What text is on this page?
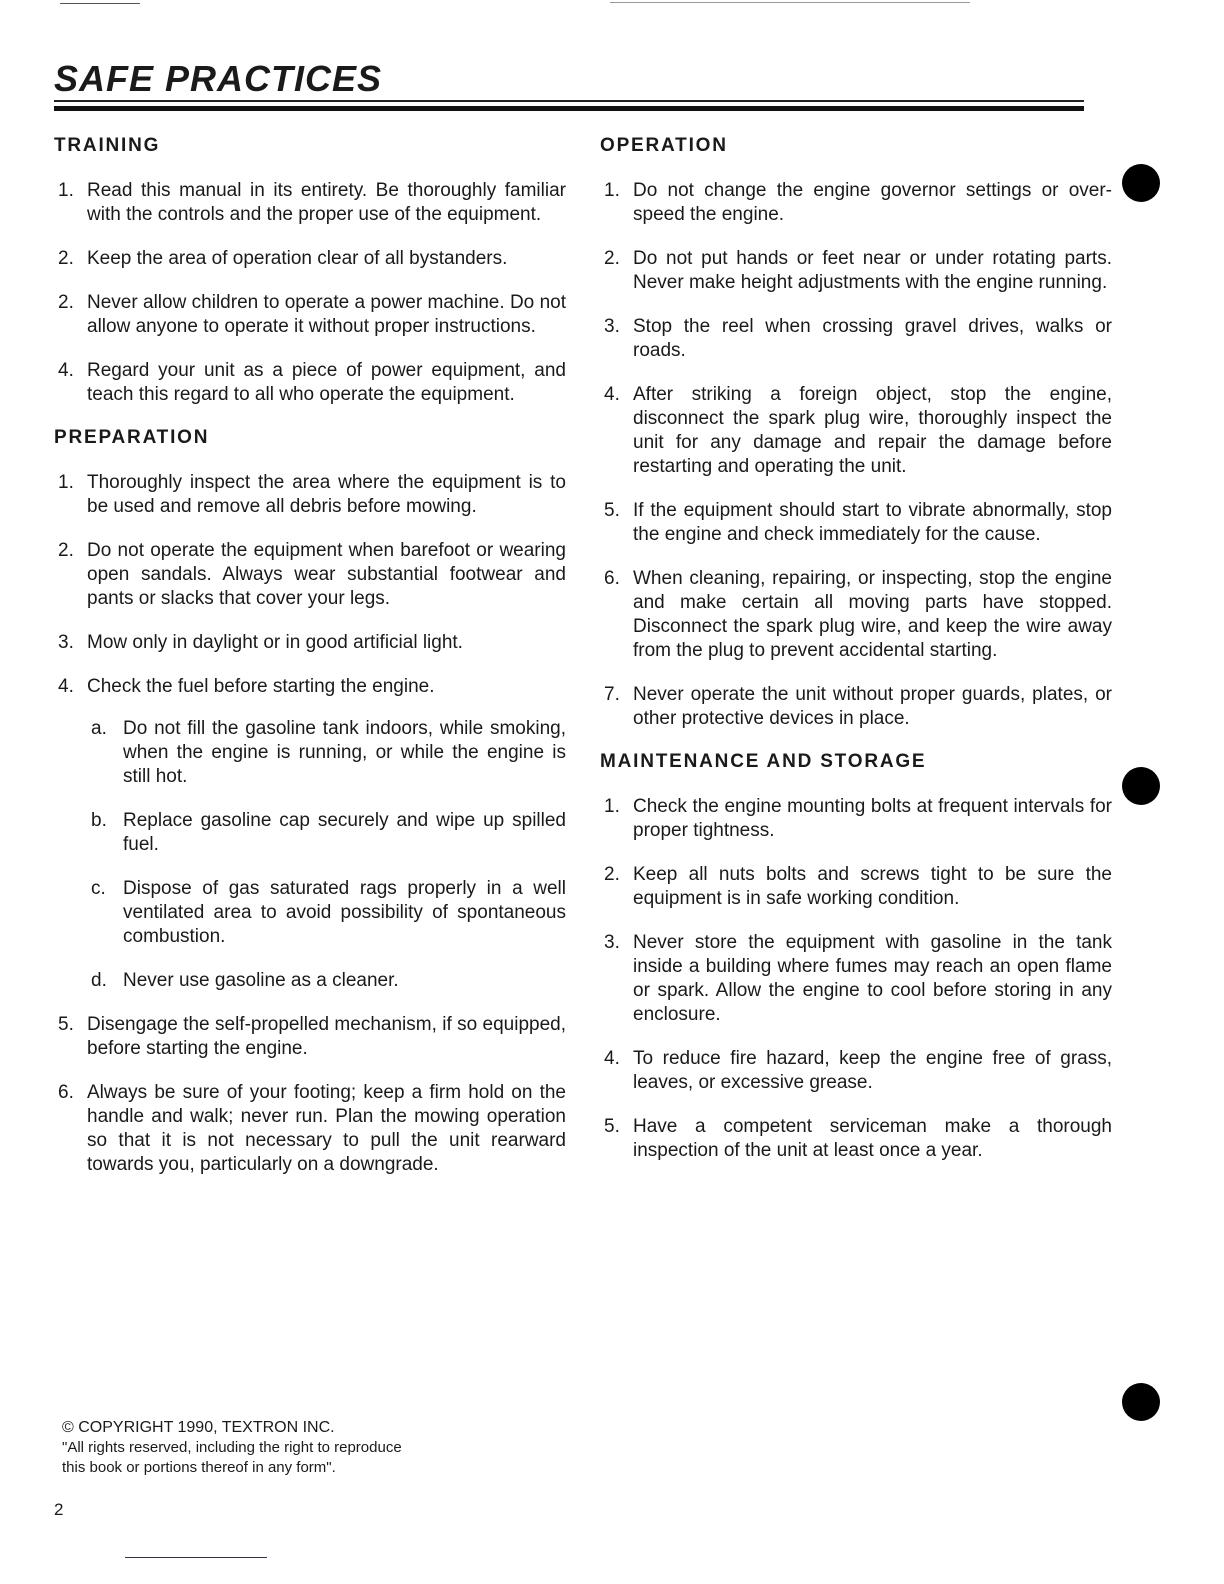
SAFE PRACTICES
TRAINING
1. Read this manual in its entirety. Be thoroughly familiar with the controls and the proper use of the equipment.
2. Keep the area of operation clear of all bystanders.
2. Never allow children to operate a power machine. Do not allow anyone to operate it without proper instructions.
4. Regard your unit as a piece of power equipment, and teach this regard to all who operate the equipment.
PREPARATION
1. Thoroughly inspect the area where the equipment is to be used and remove all debris before mowing.
2. Do not operate the equipment when barefoot or wearing open sandals. Always wear substantial footwear and pants or slacks that cover your legs.
3. Mow only in daylight or in good artificial light.
4. Check the fuel before starting the engine.
a. Do not fill the gasoline tank indoors, while smoking, when the engine is running, or while the engine is still hot.
b. Replace gasoline cap securely and wipe up spilled fuel.
c. Dispose of gas saturated rags properly in a well ventilated area to avoid possibility of spontaneous combustion.
d. Never use gasoline as a cleaner.
5. Disengage the self-propelled mechanism, if so equipped, before starting the engine.
6. Always be sure of your footing; keep a firm hold on the handle and walk; never run. Plan the mowing operation so that it is not necessary to pull the unit rearward towards you, particularly on a downgrade.
OPERATION
1. Do not change the engine governor settings or over-speed the engine.
2. Do not put hands or feet near or under rotating parts. Never make height adjustments with the engine running.
3. Stop the reel when crossing gravel drives, walks or roads.
4. After striking a foreign object, stop the engine, disconnect the spark plug wire, thoroughly inspect the unit for any damage and repair the damage before restarting and operating the unit.
5. If the equipment should start to vibrate abnormally, stop the engine and check immediately for the cause.
6. When cleaning, repairing, or inspecting, stop the engine and make certain all moving parts have stopped. Disconnect the spark plug wire, and keep the wire away from the plug to prevent accidental starting.
7. Never operate the unit without proper guards, plates, or other protective devices in place.
MAINTENANCE AND STORAGE
1. Check the engine mounting bolts at frequent intervals for proper tightness.
2. Keep all nuts bolts and screws tight to be sure the equipment is in safe working condition.
3. Never store the equipment with gasoline in the tank inside a building where fumes may reach an open flame or spark. Allow the engine to cool before storing in any enclosure.
4. To reduce fire hazard, keep the engine free of grass, leaves, or excessive grease.
5. Have a competent serviceman make a thorough inspection of the unit at least once a year.
© COPYRIGHT 1990, TEXTRON INC.
"All rights reserved, including the right to reproduce
this book or portions thereof in any form".
2
